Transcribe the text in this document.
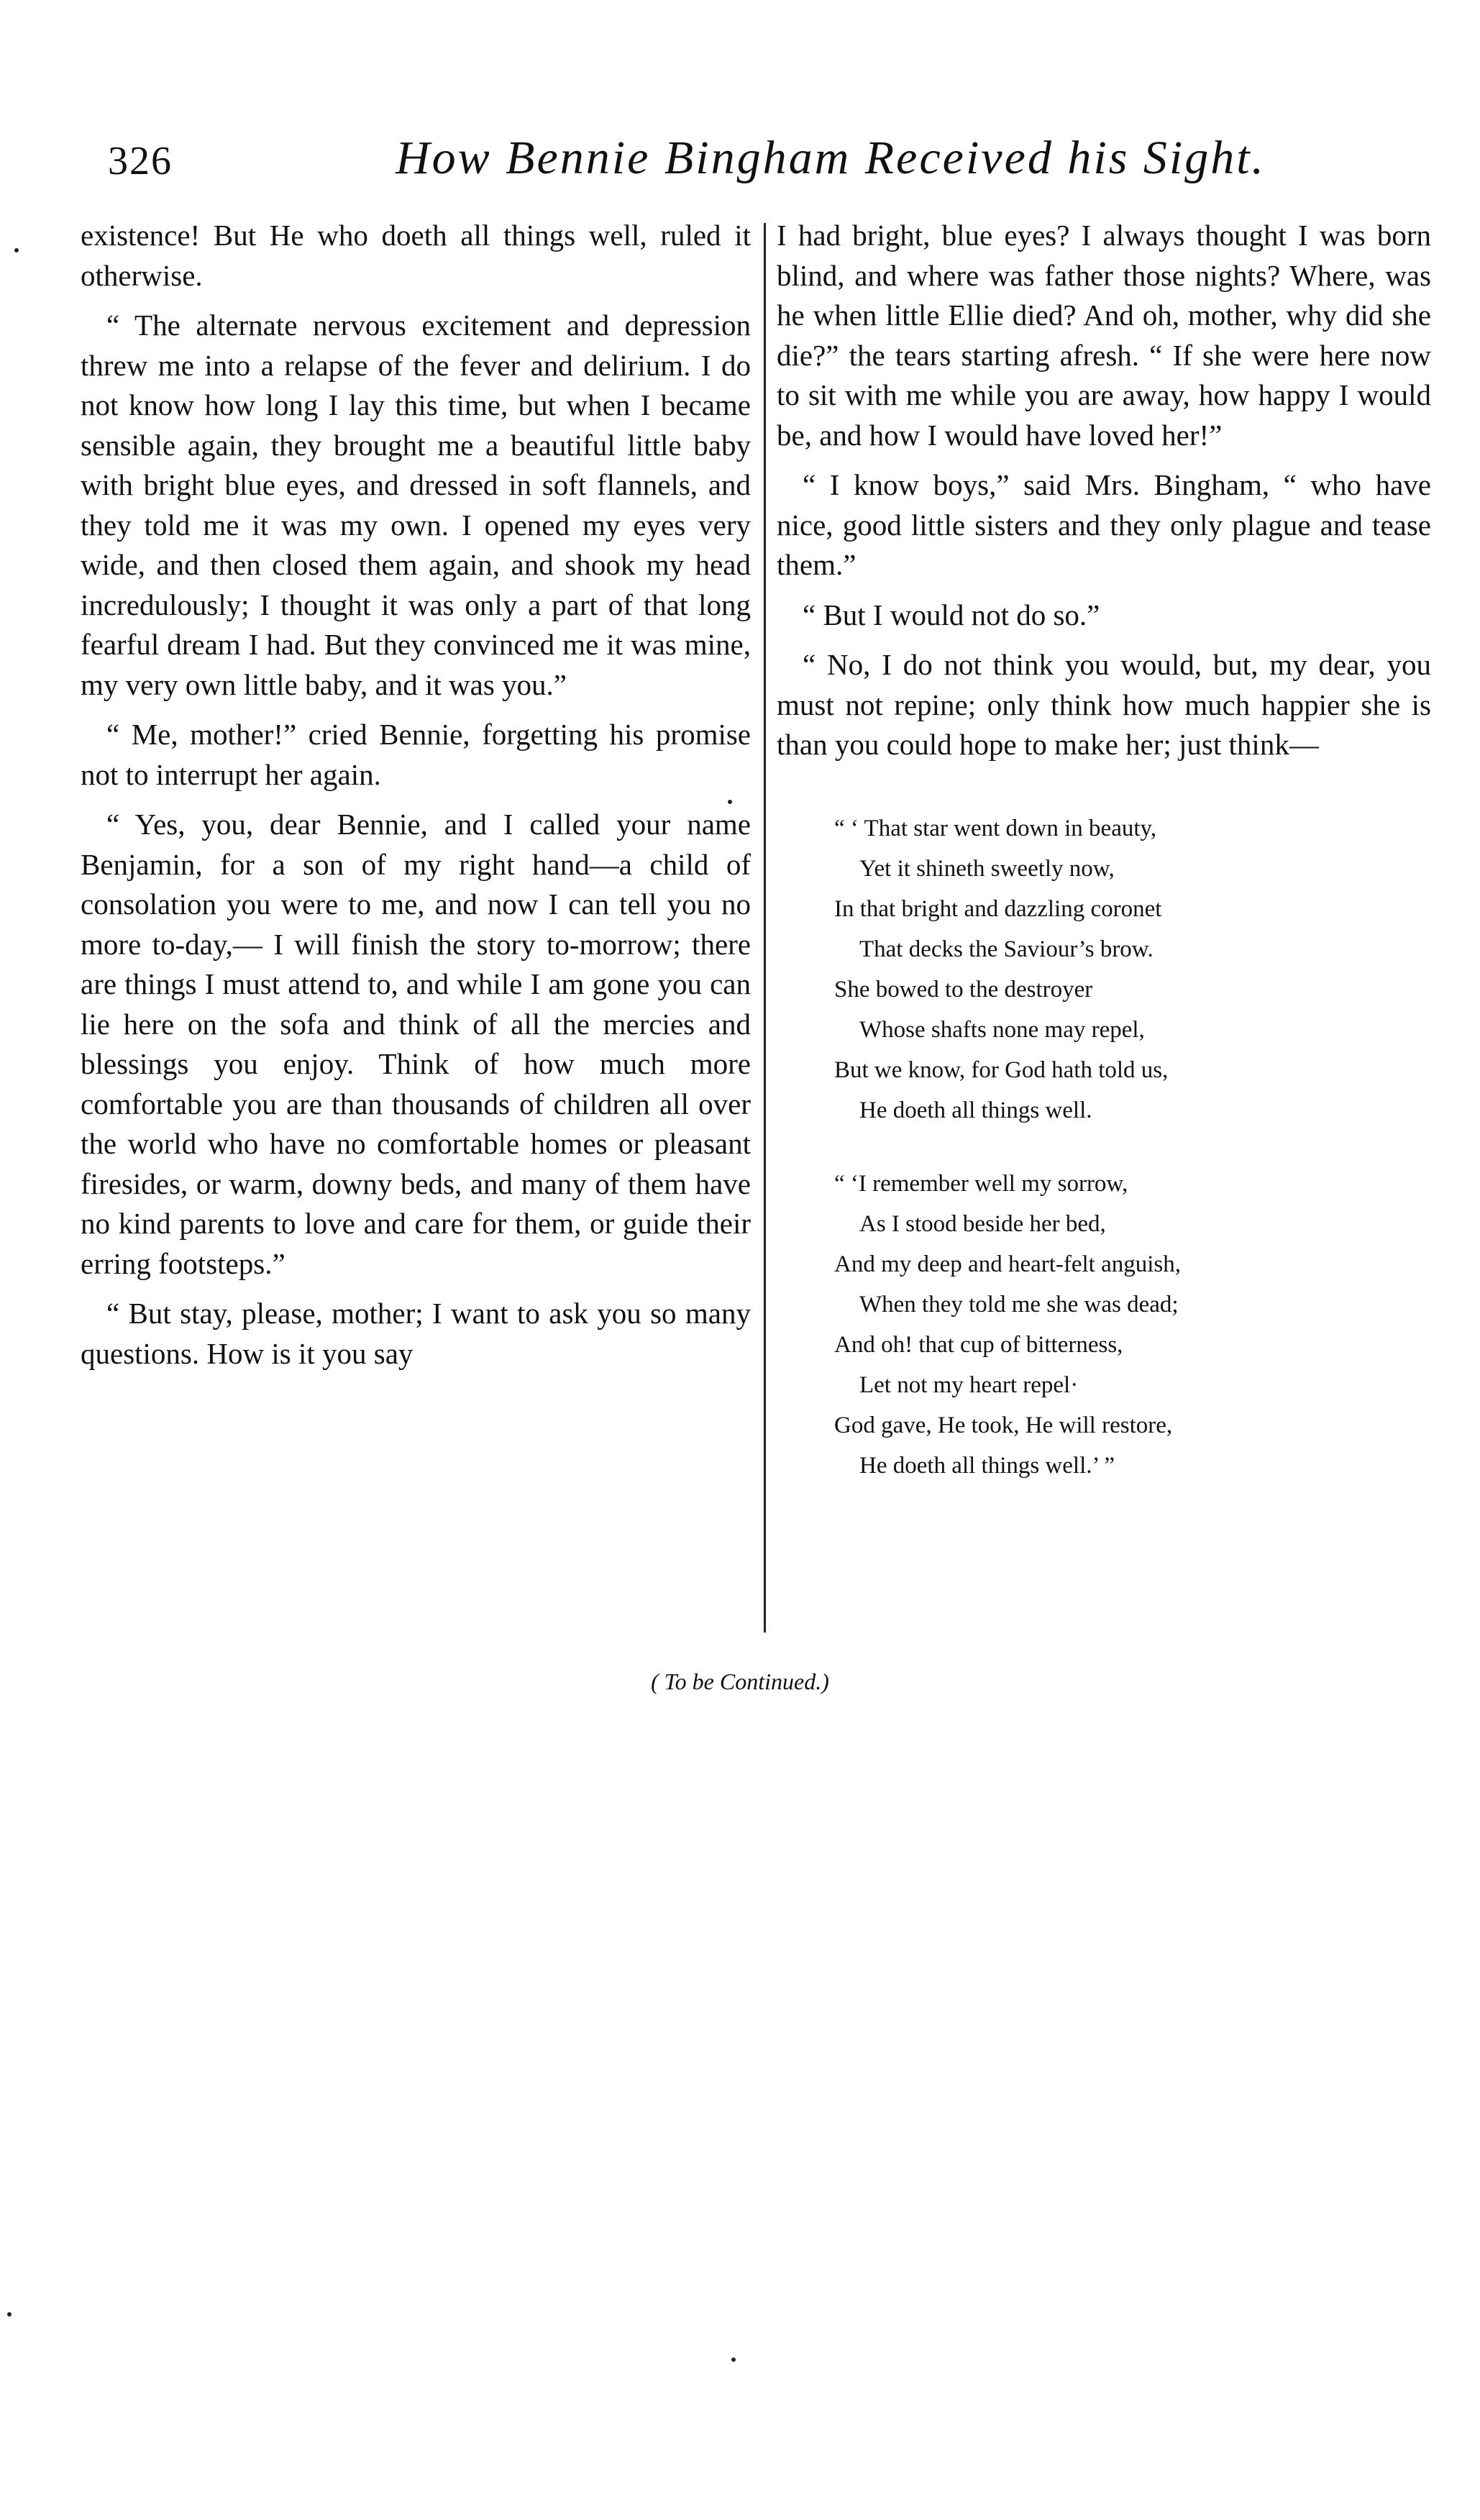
326	How Bennie Bingham Received his Sight.

existence! But He who doeth all things well, ruled it otherwise.

“ The alternate nervous excitement and depression threw me into a relapse of the fever and delirium. I do not know how long I lay this time, but when I became sensible again, they brought me a beautiful little baby with bright blue eyes, and dressed in soft flannels, and they told me it was my own. I opened my eyes very wide, and then closed them again, and shook my head incredulously; I thought it was only a part of that long fearful dream I had. But they convinced me it was mine, my very own little baby, and it was you.”

“ Me, mother!” cried Bennie, forgetting his promise not to interrupt her again.

“ Yes, you, dear Bennie, and I called your name Benjamin, for a son of my right hand—a child of consolation you were to me, and now I can tell you no more to-day,— I will finish the story to-morrow; there are things I must attend to, and while I am gone you can lie here on the sofa and think of all the mercies and blessings you enjoy. Think of how much more comfortable you are than thousands of children all over the world who have no comfortable homes or pleasant firesides, or warm, downy beds, and many of them have no kind parents to love and care for them, or guide their erring footsteps.”

“ But stay, please, mother; I want to ask you so many questions. How is it you say

I had bright, blue eyes? I always thought I was born blind, and where was father those nights? Where, was he when little Ellie died? And oh, mother, why did she die?” the tears starting afresh. “ If she were here now to sit with me while you are away, how happy I would be, and how I would have loved her!”

“ I know boys,” said Mrs. Bingham, “ who have nice, good little sisters and they only plague and tease them.”

“ But I would not do so.”

“ No, I do not think you would, but, my dear, you must not repine; only think how much happier she is than you could hope to make her; just think—

“ ‘ That star went down in beauty,
Yet it shineth sweetly now,
In that bright and dazzling coronet
That decks the Saviour’s brow.
She bowed to the destroyer
Whose shafts none may repel,
But we know, for God hath told us,
He doeth all things well.
“ ‘I remember well my sorrow,
As I stood beside her bed,
And my deep and heart-felt anguish,
When they told me she was dead;
And oh! that cup of bitterness,
Let not my heart repel·
God gave, He took, He will restore,
He doeth all things well.’ ”
( To be Continued.)
